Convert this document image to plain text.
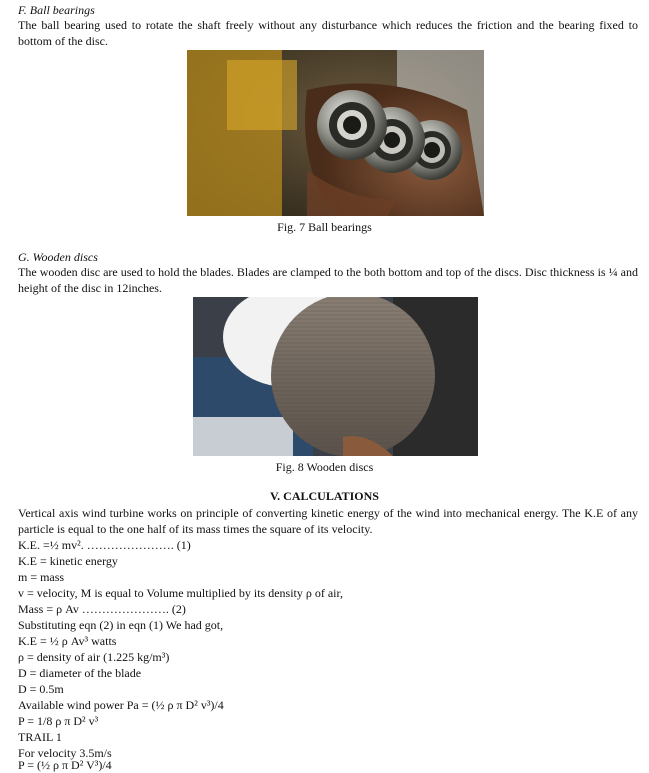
F. Ball bearings

The ball bearing used to rotate the shaft freely without any disturbance which reduces the friction and the bearing fixed to bottom of the disc.

Fig. 7 Ball bearings
G. Wooden discs

The wooden disc are used to hold the blades. Blades are clamped to the both bottom and top of the discs. Disc thickness is ¼ and height of the disc in 12inches.

Fig. 8 Wooden discs
V. CALCULATIONS

Vertical axis wind turbine works on principle of converting kinetic energy of the wind into mechanical energy. The K.E of any particle is equal to the one half of its mass times the square of its velocity.

K.E. =½ mv². …………………. (1)
K.E = kinetic energy
m = mass
v = velocity, M is equal to Volume multiplied by its density ρ of air,
Mass = ρ Av …………………. (2)
Substituting eqn (2) in eqn (1) We had got,
K.E = ½ ρ Av³ watts
ρ = density of air (1.225 kg/m³)
D = diameter of the blade
D = 0.5m
Available wind power Pa = (½ ρ π D² v³)/4
P = 1/8 ρ π D² v³
TRAIL 1
For velocity 3.5m/s
P = (½ ρ π D² V³)/4
